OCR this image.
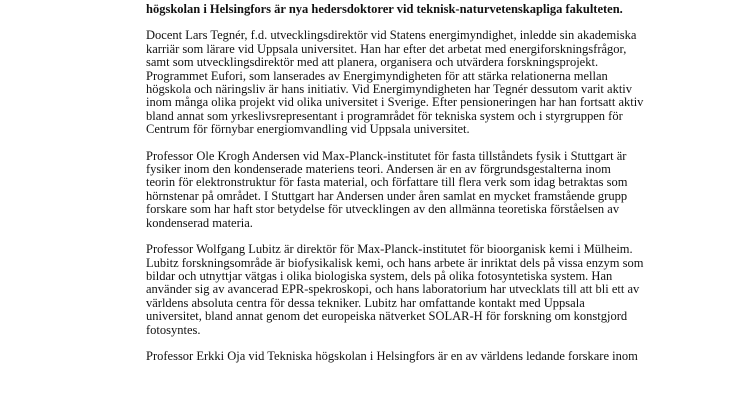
högskolan i Helsingfors är nya hedersdoktorer vid teknisk-naturvetenskapliga fakulteten.

Docent Lars Tegnér, f.d. utvecklingsdirektör vid Statens energimyndighet, inledde sin akademiska
karriär som lärare vid Uppsala universitet. Han har efter det arbetat med energiforskningsfrågor,
samt som utvecklingsdirektör med att planera, organisera och utvärdera forskningsprojekt.
Programmet Eufori, som lanserades av Energimyndigheten för att stärka relationerna mellan
högskola och näringsliv är hans initiativ. Vid Energimyndigheten har Tegnér dessutom varit aktiv
inom många olika projekt vid olika universitet i Sverige. Efter pensioneringen har han fortsatt aktiv
bland annat som yrkeslivsrepresentant i programrådet för tekniska system och i styrgruppen för
Centrum för förnybar energiomvandling vid Uppsala universitet.

Professor Ole Krogh Andersen vid Max-Planck-institutet för fasta tillståndets fysik i Stuttgart är
fysiker inom den kondenserade materiens teori. Andersen är en av förgrundsgestalterna inom
teorin för elektronstruktur för fasta material, och författare till flera verk som idag betraktas som
hörnstenar på området. I Stuttgart har Andersen under åren samlat en mycket framstående grupp
forskare som har haft stor betydelse för utvecklingen av den allmänna teoretiska förståelsen av
kondenserad materia.

Professor Wolfgang Lubitz är direktör för Max-Planck-institutet för bioorganisk kemi i Mülheim.
Lubitz forskningsområde är biofysikalisk kemi, och hans arbete är inriktat dels på vissa enzym som
bildar och utnyttjar vätgas i olika biologiska system, dels på olika fotosyntetiska system. Han
använder sig av avancerad EPR-spekroskopi, och hans laboratorium har utvecklats till att bli ett av
världens absoluta centra för dessa tekniker. Lubitz har omfattande kontakt med Uppsala
universitet, bland annat genom det europeiska nätverket SOLAR-H för forskning om konstgjord
fotosyntes.

Professor Erkki Oja vid Tekniska högskolan i Helsingfors är en av världens ledande forskare inom
